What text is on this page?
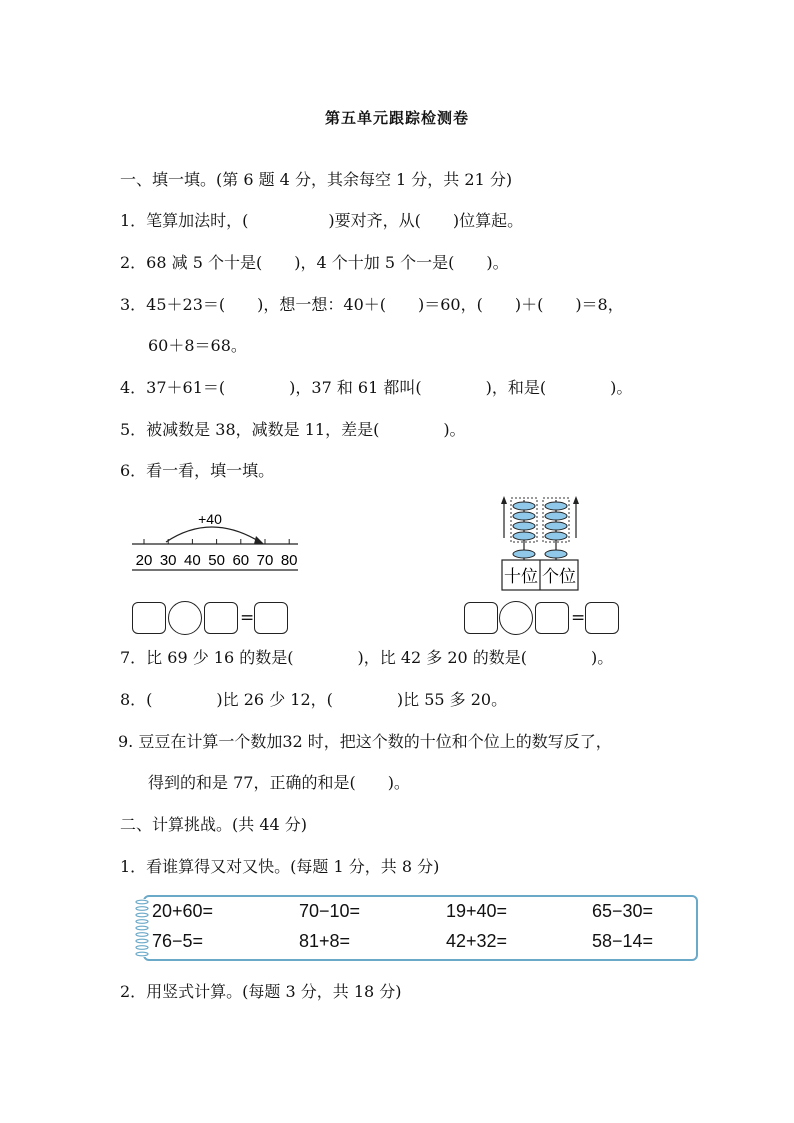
第五单元跟踪检测卷
一、填一填。(第 6 题 4 分，其余每空 1 分，共 21 分)
1．笔算加法时，(　　　　　)要对齐，从(　　)位算起。
2．68 减 5 个十是(　　)，4 个十加 5 个一是(　　)。
3．45＋23＝(　　)，想一想：40＋(　　)＝60，(　　)＋(　　)＝8，
60＋8＝68。
4．37＋61＝(　　　　)，37 和 61 都叫(　　　　)，和是(　　　　)。
5．被减数是 38，减数是 11，差是(　　　　)。
6．看一看，填一填。
+40
20 30 40 50 60 70 80
=
十位 个位
=
7．比 69 少 16 的数是(　　　　)，比 42 多 20 的数是(　　　　)。
8．(　　　　)比 26 少 12，(　　　　)比 55 多 20。
9. 豆豆在计算一个数加32 时，把这个数的十位和个位上的数写反了，
得到的和是 77，正确的和是(　　)。
二、计算挑战。(共 44 分)
1．看谁算得又对又快。(每题 1 分，共 8 分)
20+60=	70−10=	19+40=	65−30=
76−5=	81+8=	42+32=	58−14=
2．用竖式计算。(每题 3 分，共 18 分)
